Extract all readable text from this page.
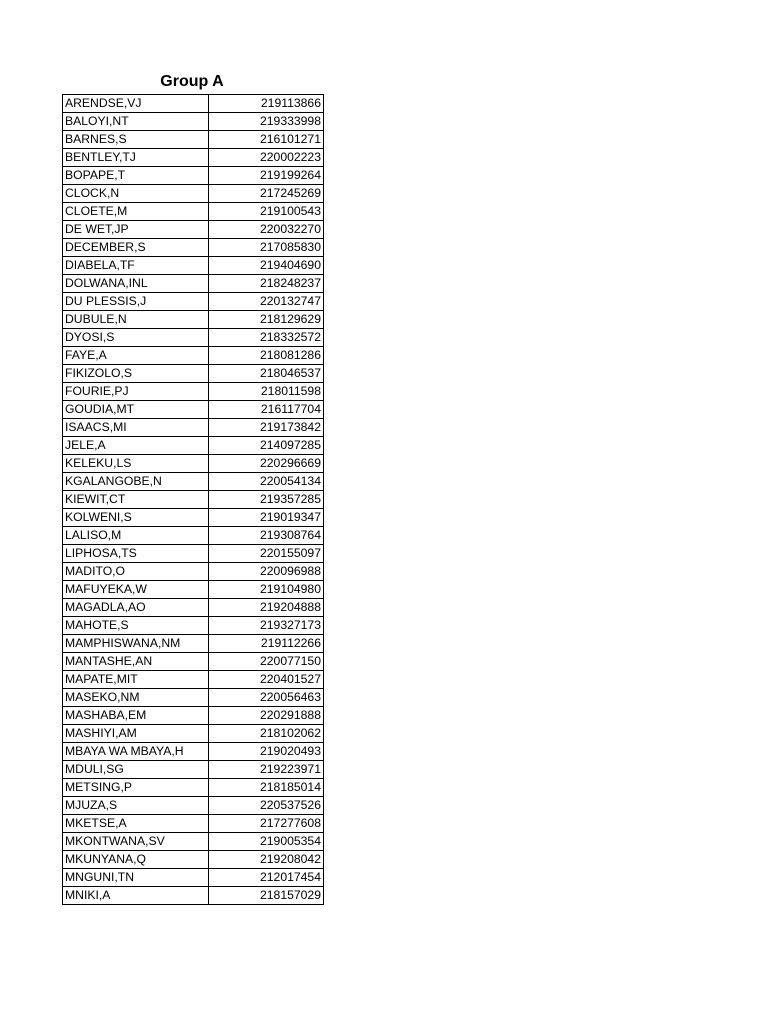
Group A
ARENDSE,VJ	219113866
BALOYI,NT	219333998
BARNES,S	216101271
BENTLEY,TJ	220002223
BOPAPE,T	219199264
CLOCK,N	217245269
CLOETE,M	219100543
DE WET,JP	220032270
DECEMBER,S	217085830
DIABELA,TF	219404690
DOLWANA,INL	218248237
DU PLESSIS,J	220132747
DUBULE,N	218129629
DYOSI,S	218332572
FAYE,A	218081286
FIKIZOLO,S	218046537
FOURIE,PJ	218011598
GOUDIA,MT	216117704
ISAACS,MI	219173842
JELE,A	214097285
KELEKU,LS	220296669
KGALANGOBE,N	220054134
KIEWIT,CT	219357285
KOLWENI,S	219019347
LALISO,M	219308764
LIPHOSA,TS	220155097
MADITO,O	220096988
MAFUYEKA,W	219104980
MAGADLA,AO	219204888
MAHOTE,S	219327173
MAMPHISWANA,NM	219112266
MANTASHE,AN	220077150
MAPATE,MIT	220401527
MASEKO,NM	220056463
MASHABA,EM	220291888
MASHIYI,AM	218102062
MBAYA WA MBAYA,H	219020493
MDULI,SG	219223971
METSING,P	218185014
MJUZA,S	220537526
MKETSE,A	217277608
MKONTWANA,SV	219005354
MKUNYANA,Q	219208042
MNGUNI,TN	212017454
MNIKI,A	218157029
